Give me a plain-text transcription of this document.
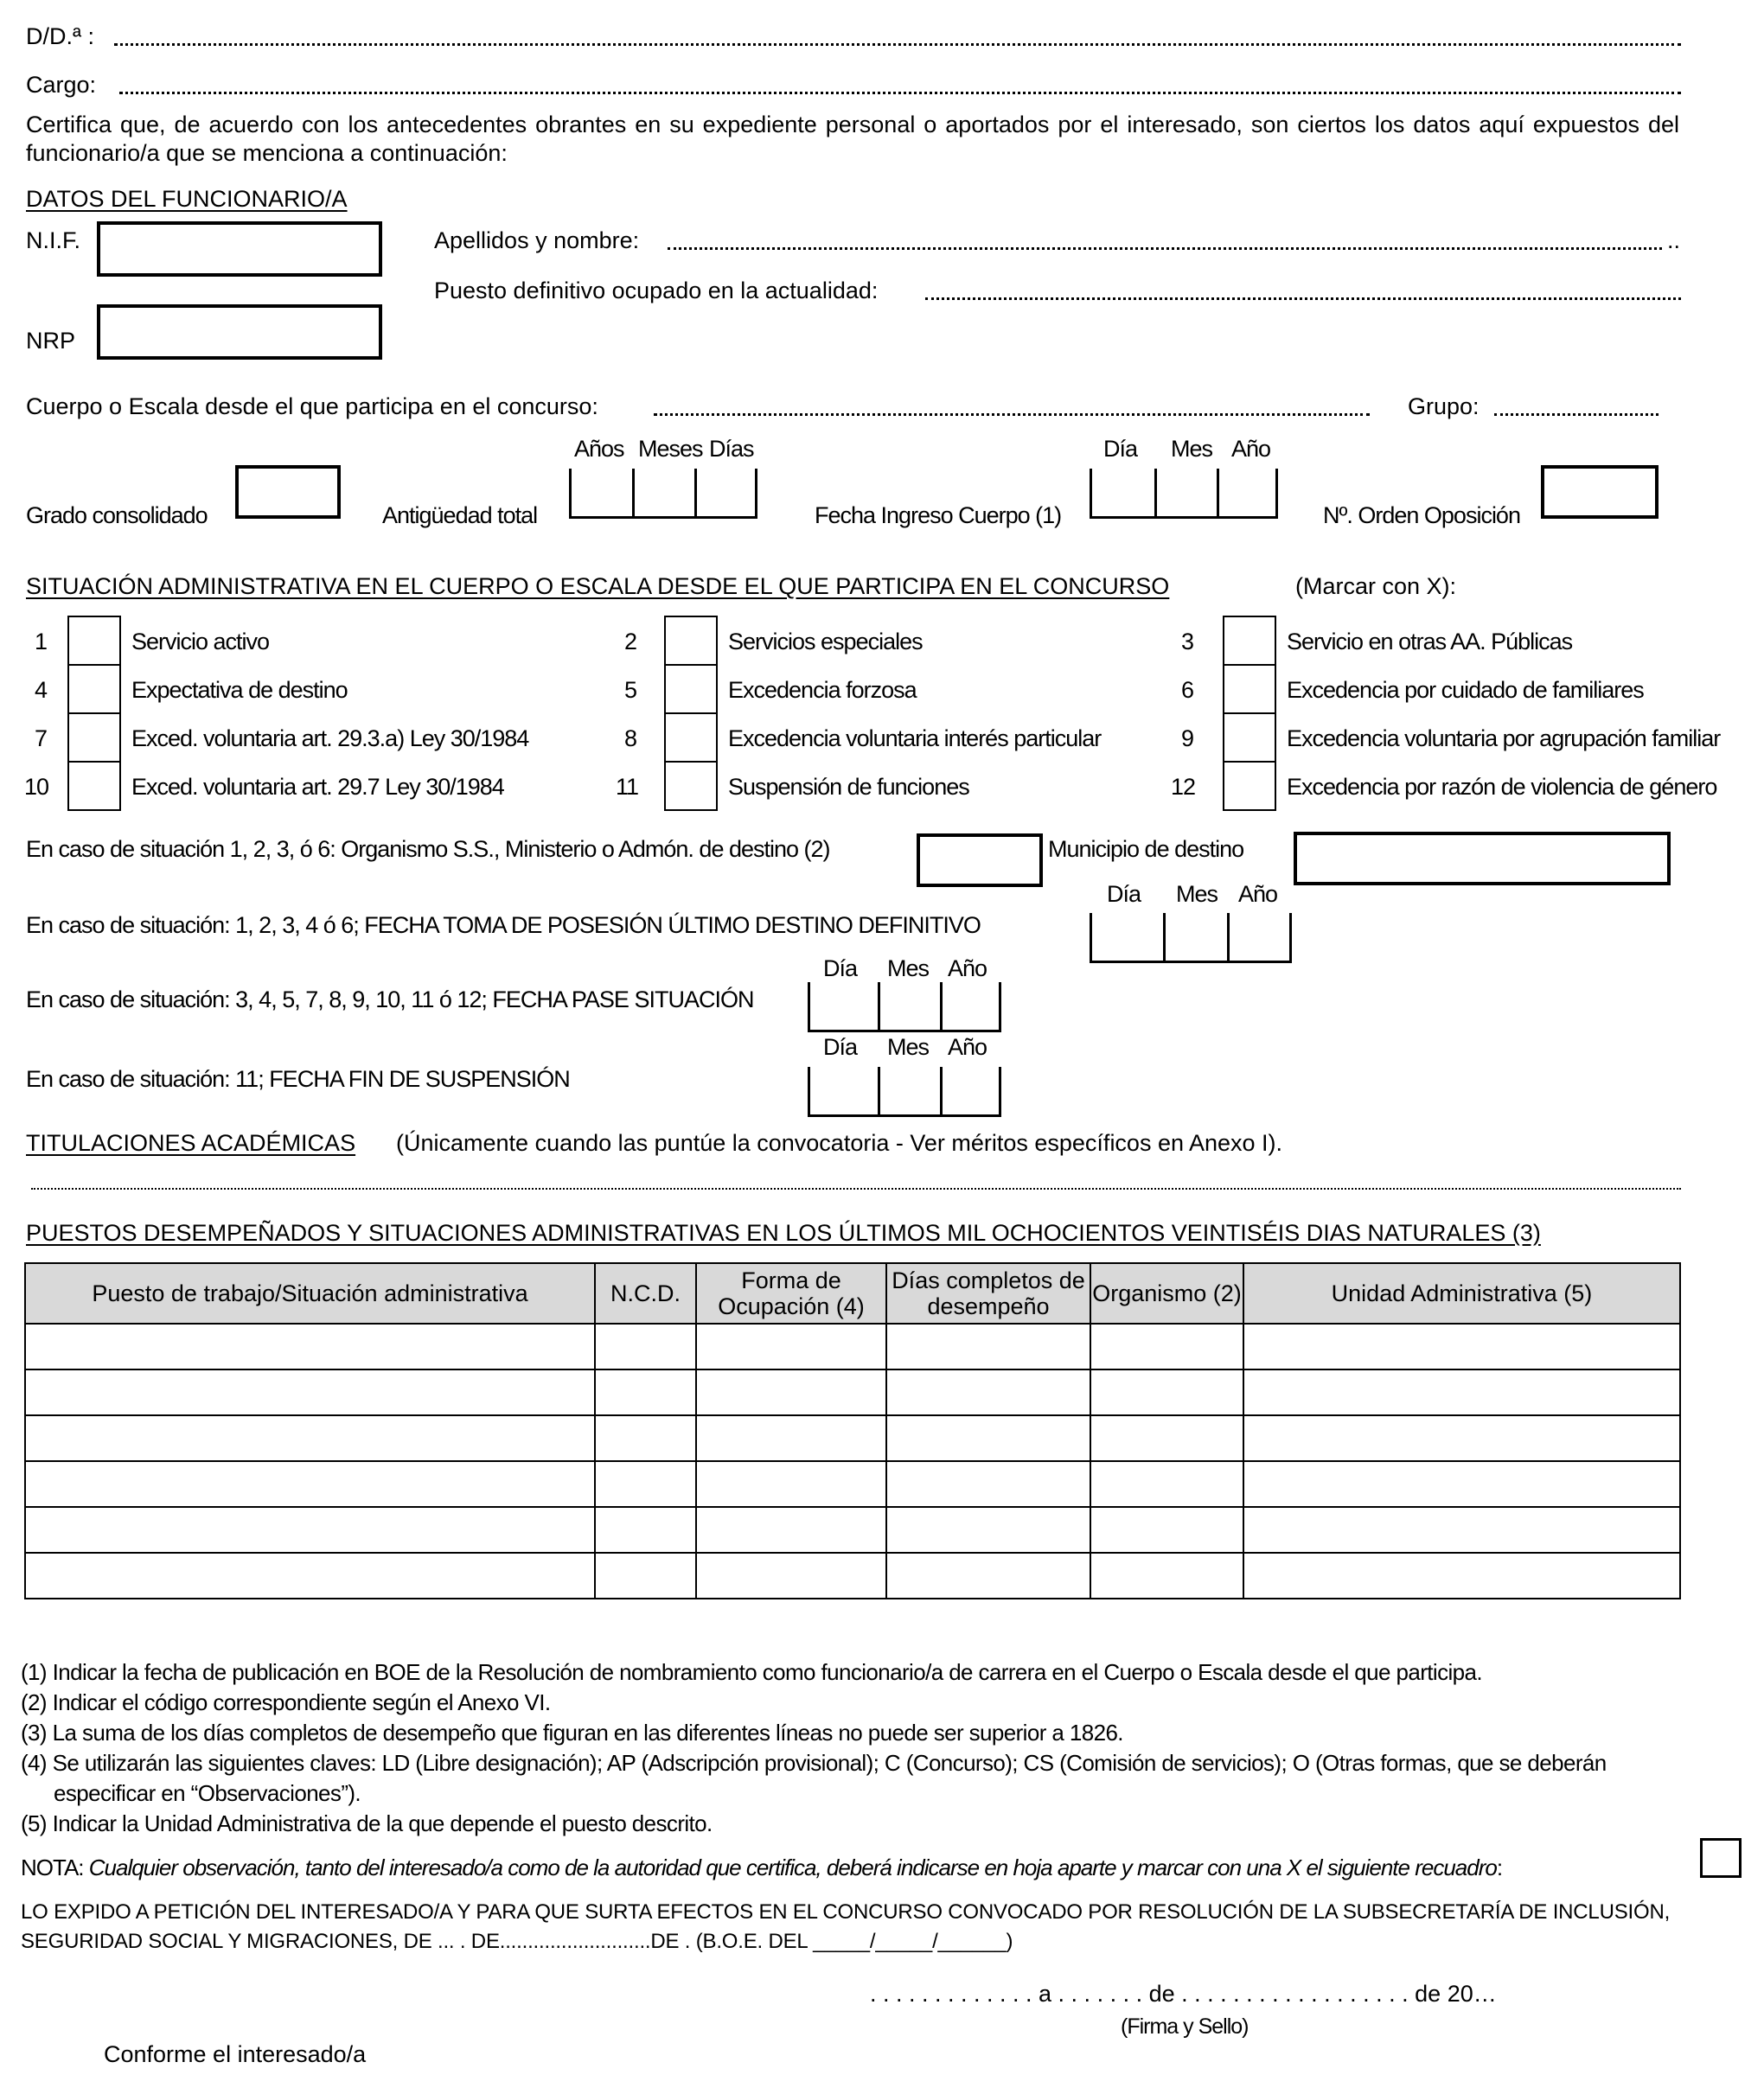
D/D.ª :
Cargo:
Certifica que, de acuerdo con los antecedentes obrantes en su expediente personal o aportados por el interesado, son ciertos los datos aquí expuestos del funcionario/a que se menciona a continuación:
DATOS DEL FUNCIONARIO/A
N.I.F.	Apellidos y nombre:	..
Puesto definitivo ocupado en la actualidad:
NRP
Cuerpo o Escala desde el que participa en el concurso:	Grupo:
Años Meses Días	Día Mes Año
Grado consolidado	Antigüedad total	Fecha Ingreso Cuerpo (1)	Nº. Orden Oposición
SITUACIÓN ADMINISTRATIVA EN EL CUERPO O ESCALA DESDE EL QUE PARTICIPA EN EL CONCURSO	(Marcar con X):
1	Servicio activo	2	Servicios especiales	3	Servicio en otras AA. Públicas
4	Expectativa de destino	5	Excedencia forzosa	6	Excedencia por cuidado de familiares
7	Exced. voluntaria art. 29.3.a) Ley 30/1984	8	Excedencia voluntaria interés particular	9	Excedencia voluntaria por agrupación familiar
10	Exced. voluntaria art. 29.7 Ley 30/1984	11	Suspensión de funciones	12	Excedencia por razón de violencia de género
En caso de situación 1, 2, 3, ó 6: Organismo S.S., Ministerio o Admón. de destino (2)	Municipio de destino
Día Mes Año
En caso de situación: 1, 2, 3, 4 ó 6; FECHA TOMA DE POSESIÓN ÚLTIMO DESTINO DEFINITIVO
Día Mes Año
En caso de situación: 3, 4, 5, 7, 8, 9, 10, 11 ó 12; FECHA PASE SITUACIÓN
Día Mes Año
En caso de situación: 11; FECHA FIN DE SUSPENSIÓN
TITULACIONES ACADÉMICAS (Únicamente cuando las puntúe la convocatoria - Ver méritos específicos en Anexo I).
PUESTOS DESEMPEÑADOS Y SITUACIONES ADMINISTRATIVAS EN LOS ÚLTIMOS MIL OCHOCIENTOS VEINTISÉIS DIAS NATURALES (3)
Puesto de trabajo/Situación administrativa	N.C.D.	Forma de Ocupación (4)	Días completos de desempeño	Organismo (2)	Unidad Administrativa (5)

(1) Indicar la fecha de publicación en BOE de la Resolución de nombramiento como funcionario/a de carrera en el Cuerpo o Escala desde el que participa.
(2) Indicar el código correspondiente según el Anexo VI.
(3) La suma de los días completos de desempeño que figuran en las diferentes líneas no puede ser superior a 1826.
(4) Se utilizarán las siguientes claves: LD (Libre designación); AP (Adscripción provisional); C (Concurso); CS (Comisión de servicios); O (Otras formas, que se deberán
especificar en “Observaciones”).
(5) Indicar la Unidad Administrativa de la que depende el puesto descrito.
NOTA: Cualquier observación, tanto del interesado/a como de la autoridad que certifica, deberá indicarse en hoja aparte y marcar con una X el siguiente recuadro:
LO EXPIDO A PETICIÓN DEL INTERESADO/A Y PARA QUE SURTA EFECTOS EN EL CONCURSO CONVOCADO POR RESOLUCIÓN DE LA SUBSECRETARÍA DE INCLUSIÓN,
SEGURIDAD SOCIAL Y MIGRACIONES, DE ... . DE...........................DE . (B.O.E. DEL _____/_____/______)
. . . . . . . . . . . . . a . . . . . . . de . . . . . . . . . . . . . . . . . . de 20…
(Firma y Sello)
Conforme el interesado/a
